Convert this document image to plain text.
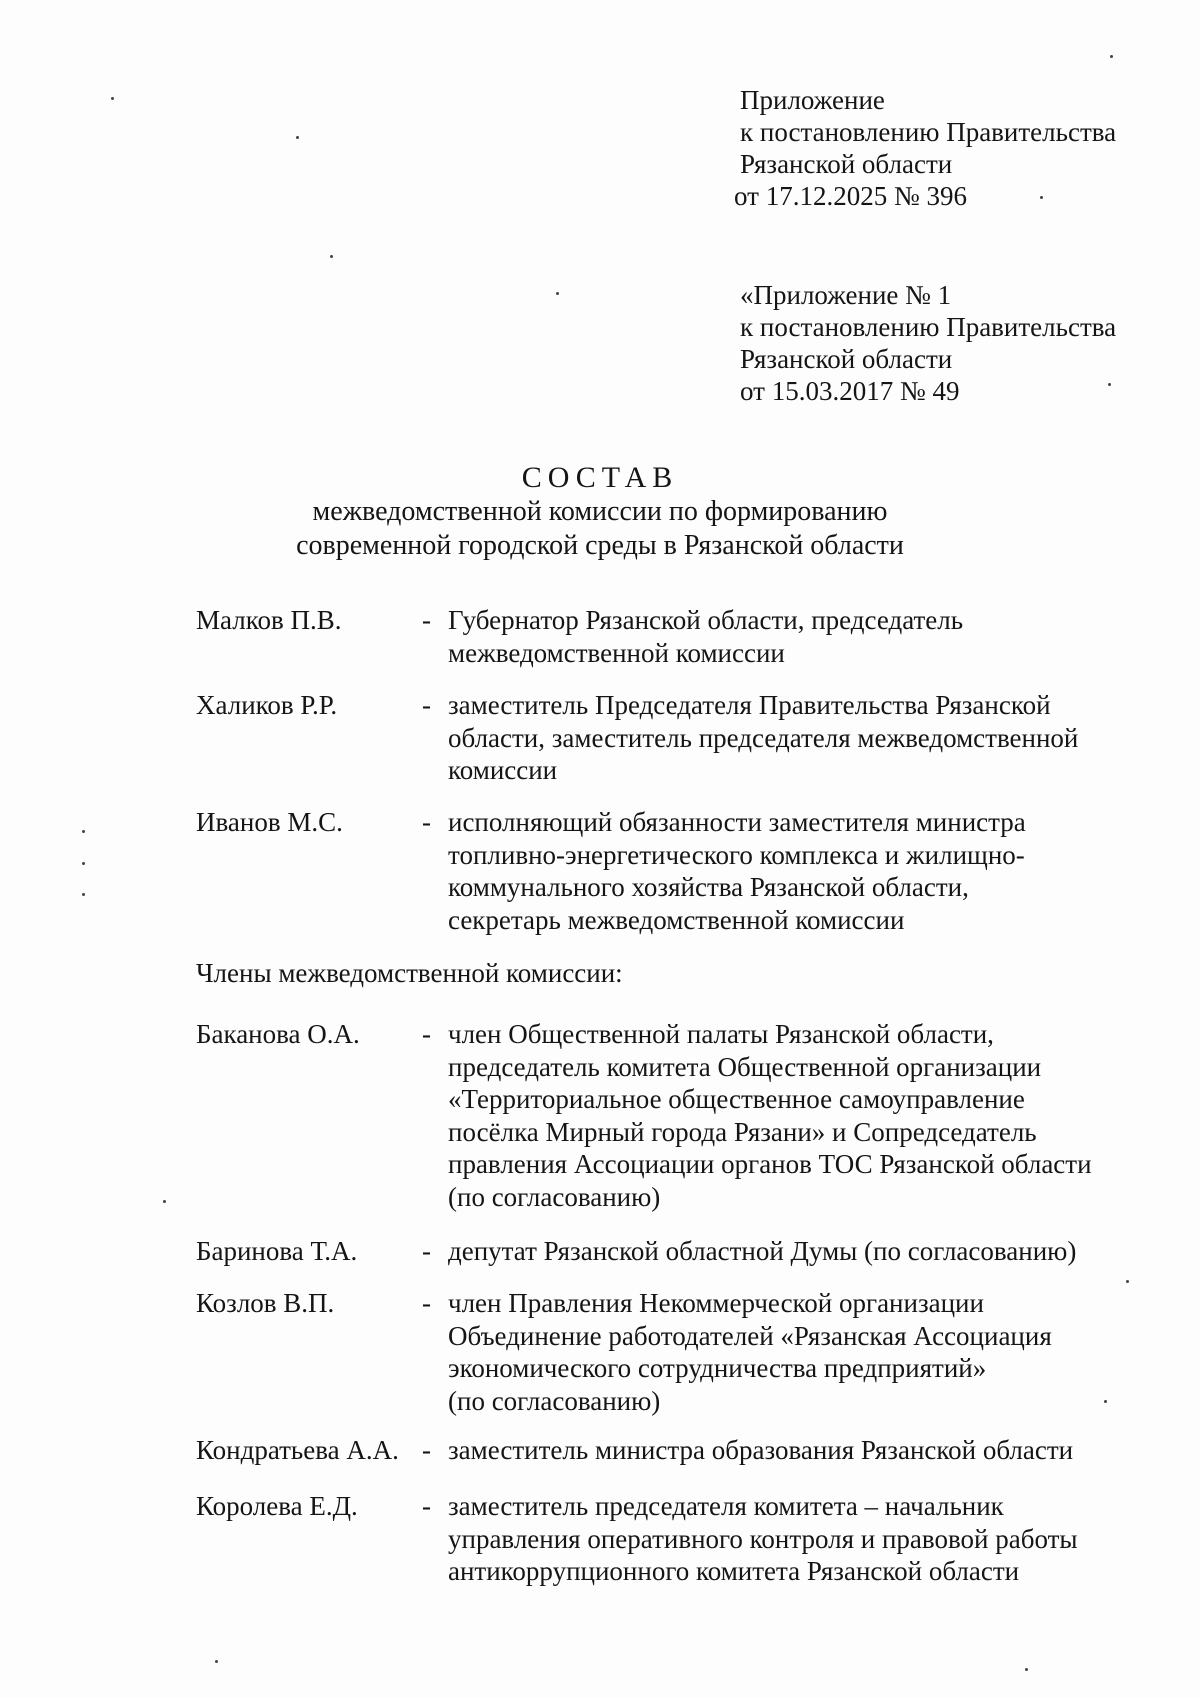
Приложение
к постановлению Правительства
Рязанской области
от 17.12.2025 № 396
«Приложение № 1
к постановлению Правительства
Рязанской области
от 15.03.2017 № 49
СОСТАВ
межведомственной комиссии по формированию
современной городской среды в Рязанской области
Малков П.В.	- Губернатор Рязанской области, председатель
межведомственной комиссии
Халиков Р.Р.	- заместитель Председателя Правительства Рязанской
области, заместитель председателя межведомственной
комиссии
Иванов М.С.	- исполняющий обязанности заместителя министра
топливно-энергетического комплекса и жилищно-
коммунального хозяйства Рязанской области,
секретарь межведомственной комиссии
Члены межведомственной комиссии:
Баканова О.А. - член Общественной палаты Рязанской области,
председатель комитета Общественной организации
«Территориальное общественное самоуправление
посёлка Мирный города Рязани» и Сопредседатель
правления Ассоциации органов ТОС Рязанской области
(по согласованию)
Баринова Т.А. - депутат Рязанской областной Думы (по согласованию)
Козлов В.П.	- член Правления Некоммерческой организации
Объединение работодателей «Рязанская Ассоциация
экономического сотрудничества предприятий»
(по согласованию)
Кондратьева А.А. - заместитель министра образования Рязанской области
Королева Е.Д. - заместитель председателя комитета – начальник
управления оперативного контроля и правовой работы
антикоррупционного комитета Рязанской области
